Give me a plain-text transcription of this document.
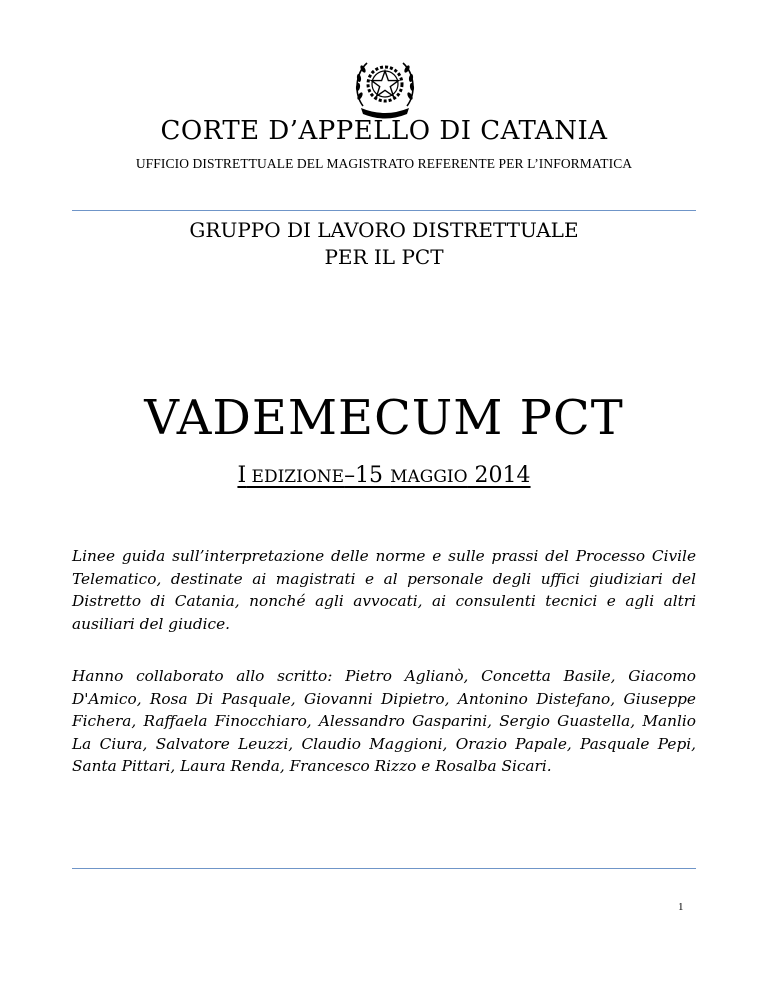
CORTE D’APPELLO DI CATANIA
UFFICIO DISTRETTUALE DEL MAGISTRATO REFERENTE PER L’INFORMATICA
GRUPPO DI LAVORO DISTRETTUALE
PER IL PCT
VADEMECUM PCT
I EDIZIONE–15 MAGGIO 2014

Linee guida sull’interpretazione delle norme e sulle prassi del Processo Civile Telematico, destinate ai magistrati e al personale degli uffici giudiziari del Distretto di Catania, nonché agli avvocati, ai consulenti tecnici e agli altri ausiliari del giudice.

Hanno collaborato allo scritto: Pietro Aglianò, Concetta Basile, Giacomo D'Amico, Rosa Di Pasquale, Giovanni Dipietro, Antonino Distefano, Giuseppe Fichera, Raffaela Finocchiaro, Alessandro Gasparini, Sergio Guastella, Manlio La Ciura, Salvatore Leuzzi, Claudio Maggioni, Orazio Papale, Pasquale Pepi, Santa Pittari, Laura Renda, Francesco Rizzo e Rosalba Sicari.

1
